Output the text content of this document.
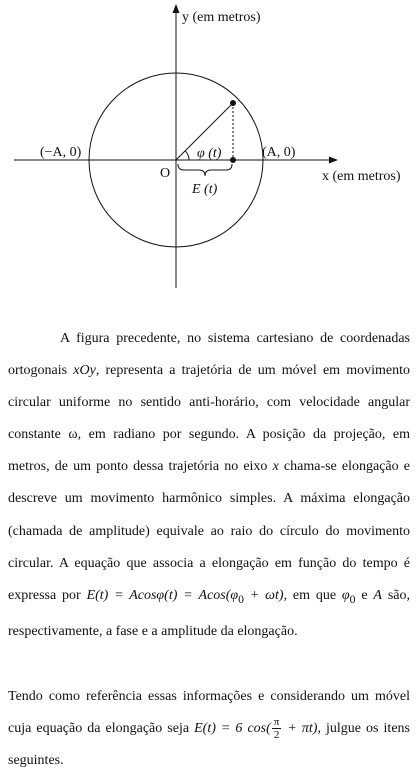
y (em metros)
x (em metros)
(−A, 0)	(A, 0)
O
φ (t)
E (t)

A figura precedente, no sistema cartesiano de coordenadas ortogonais xOy, representa a trajetória de um móvel em movimento circular uniforme no sentido anti-horário, com velocidade angular constante ω, em radiano por segundo. A posição da projeção, em metros, de um ponto dessa trajetória no eixo x chama-se elongação e descreve um movimento harmônico simples. A máxima elongação (chamada de amplitude) equivale ao raio do círculo do movimento circular. A equação que associa a elongação em função do tempo é expressa por $E(t) = Acos\varphi(t) = Acos(\varphi_0 + \omega t)$, em que $\varphi_0$ e A são, respectivamente, a fase e a amplitude da elongação.

Tendo como referência essas informações e considerando um móvel cuja equação da elongação seja E(t) = 6 $\cos( \frac{\pi}{2} + \pi t)$, julgue os itens seguintes.
